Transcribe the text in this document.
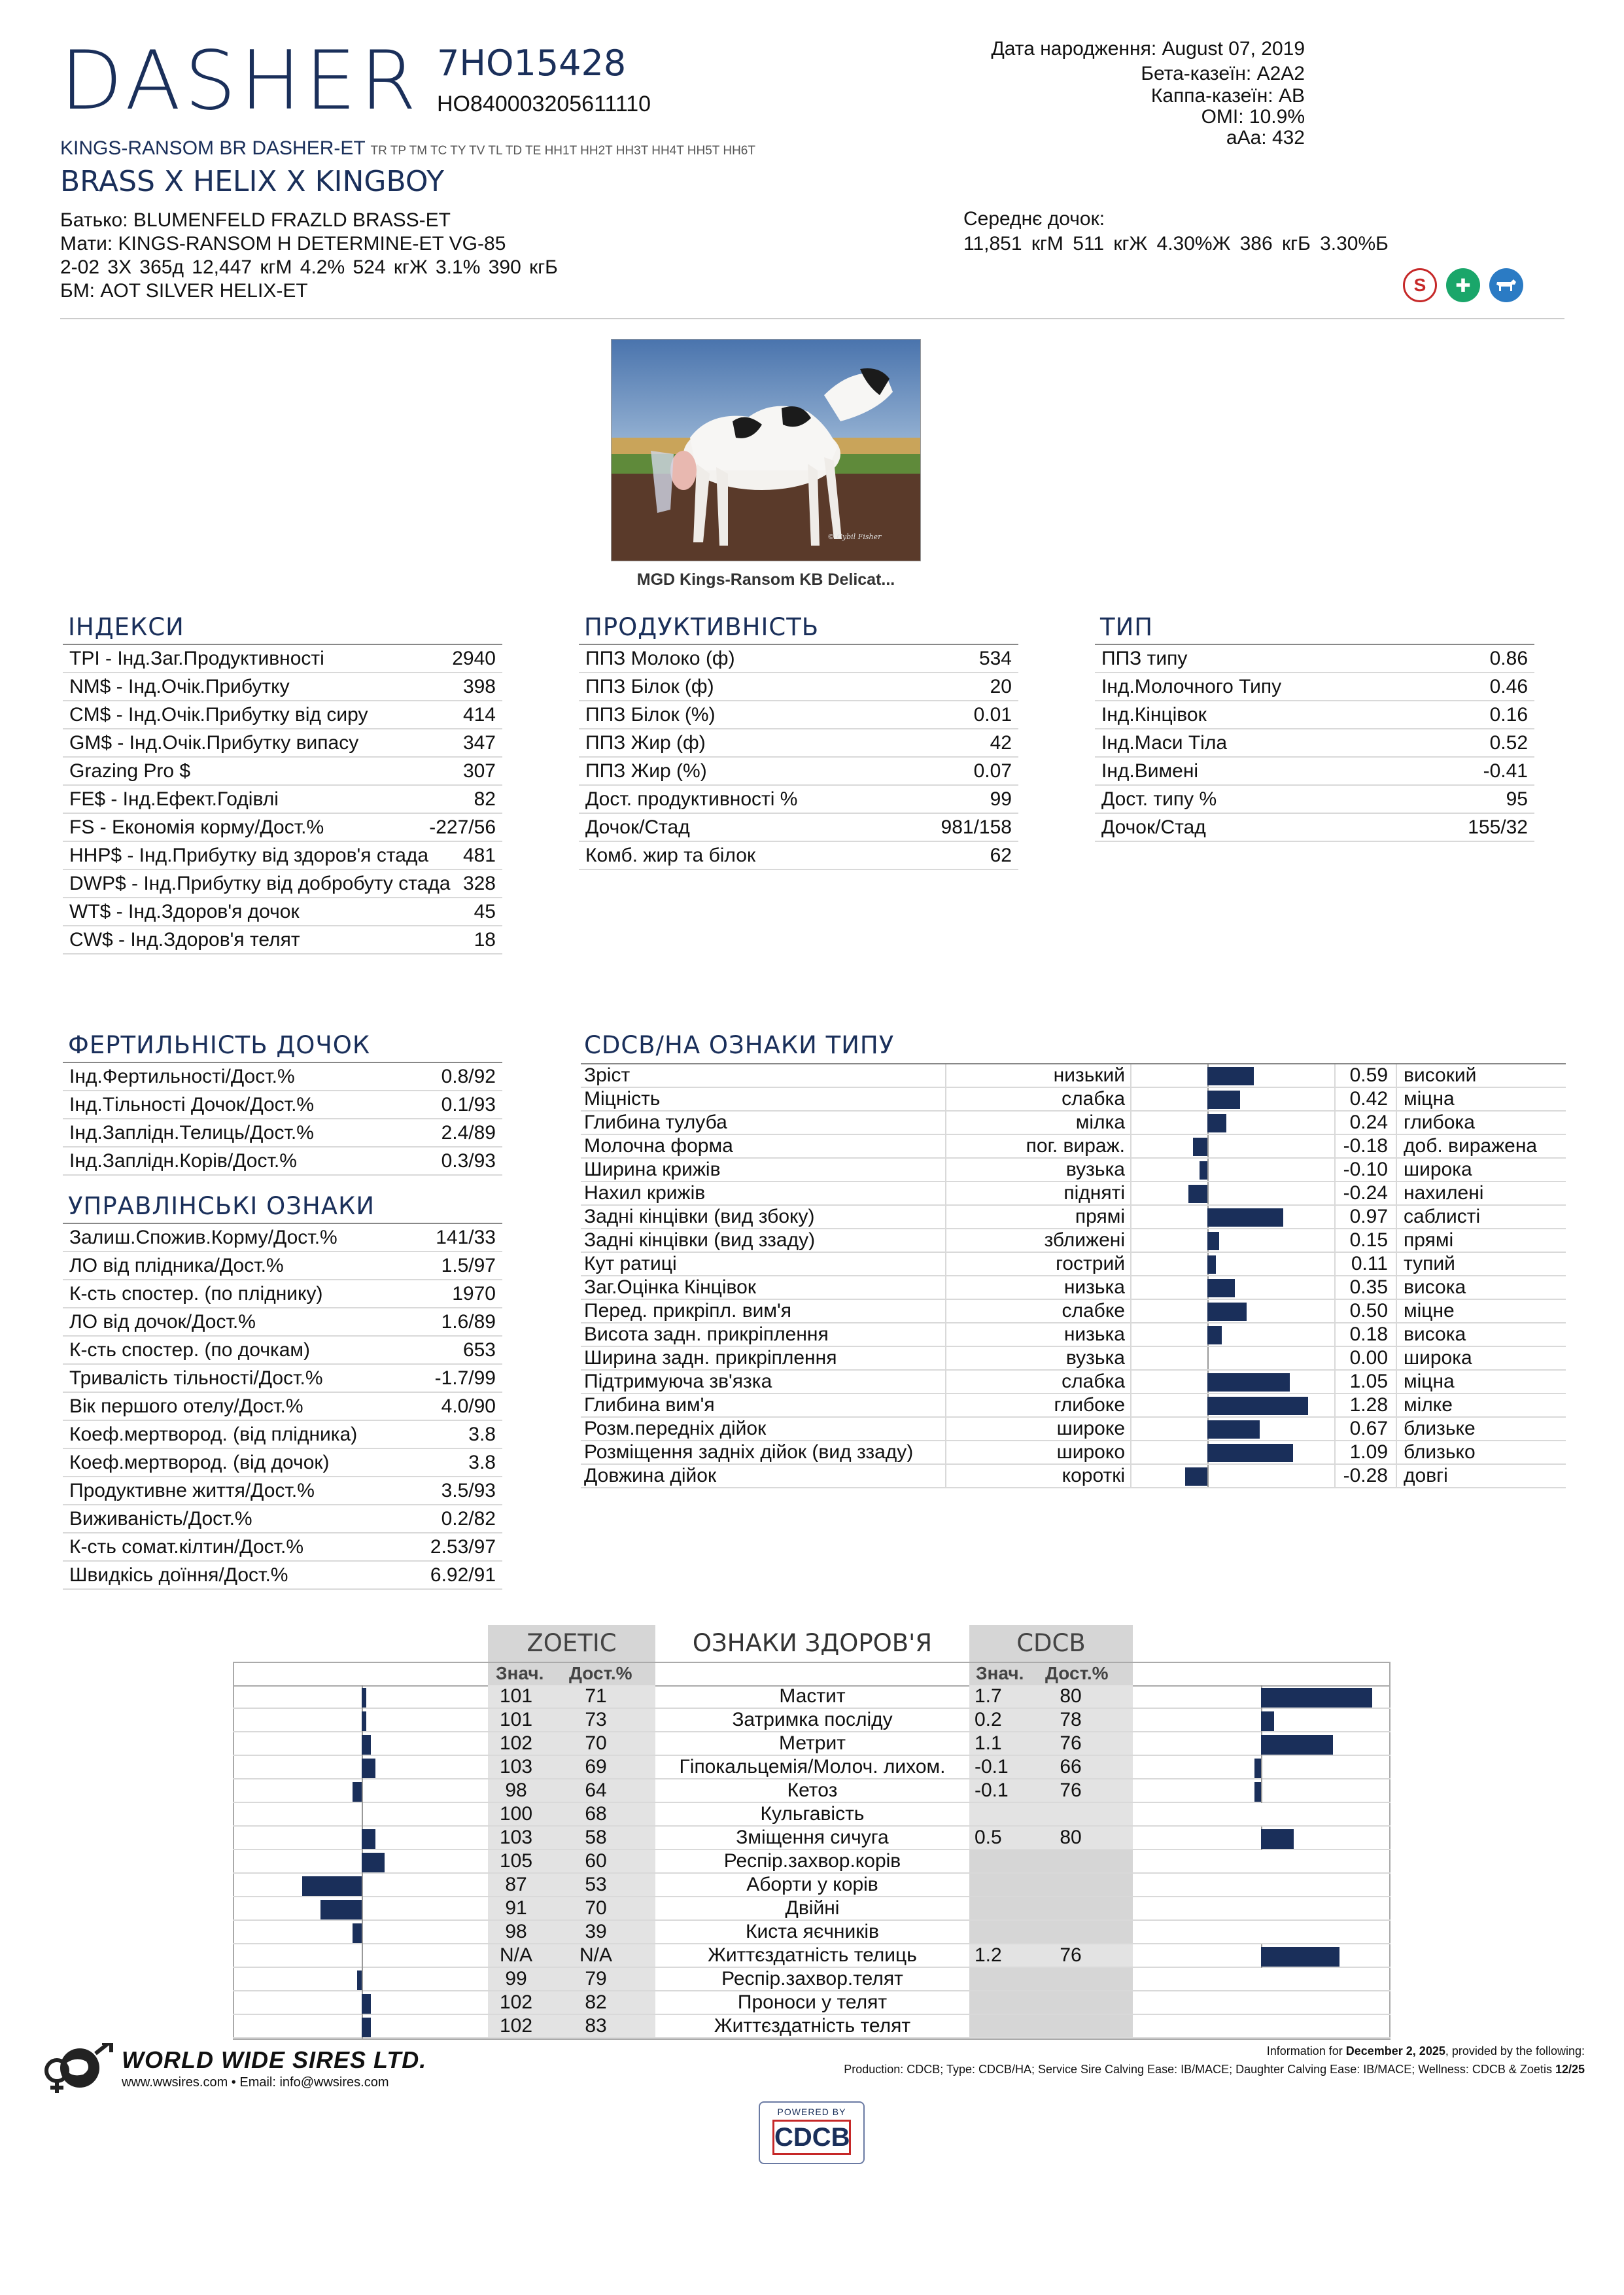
DASHER 7HO15428
HO840003205611110
KINGS-RANSOM BR DASHER-ET TR TP TM TC TY TV TL TD TE HH1T HH2T HH3T HH4T HH5T HH6T
BRASS X HELIX X KINGBOY
Батько: BLUMENFELD FRAZLD BRASS-ET
Мати: KINGS-RANSOM H DETERMINE-ET VG-85
2-02 3X 365д 12,447 кгМ 4.2% 524 кгЖ 3.1% 390 кгБ
БМ: AOT SILVER HELIX-ET
Дата народження: August 07, 2019
Бета-казеїн: A2A2
Каппа-казеїн: AB
OMI: 10.9%
aAa: 432
Середнє дочок:
11,851 кгМ 511 кгЖ 4.30%Ж 386 кгБ 3.30%Б
S	✚
© Cybil Fisher
MGD Kings-Ransom KB Delicat...
ІНДЕКСИ
TPI - Інд.Заг.Продуктивності	2940
NM$ - Інд.Очік.Прибутку	398
CM$ - Інд.Очік.Прибутку від сиру	414
GM$ - Інд.Очік.Прибутку випасу	347
Grazing Pro $	307
FE$ - Інд.Ефект.Годівлі	82
FS - Економія корму/Дост.%	-227/56
HHP$ - Інд.Прибутку від здоров'я стада	481
DWP$ - Інд.Прибутку від добробуту стада 328
WT$ - Інд.Здоров'я дочок	45
CW$ - Інд.Здоров'я телят	18
ПРОДУКТИВНІСТЬ
ППЗ Молоко (ф)	534
ППЗ Білок (ф)	20
ППЗ Білок (%)	0.01
ППЗ Жир (ф)	42
ППЗ Жир (%)	0.07
Дост. продуктивності %	99
Дочок/Стад	981/158
Комб. жир та білок	62
ТИП
ППЗ типу	0.86
Інд.Молочного Типу	0.46
Інд.Кінцівок	0.16
Інд.Маси Тіла	0.52
Інд.Вимені	-0.41
Дост. типу %	95
Дочок/Стад	155/32
ФЕРТИЛЬНІСТЬ ДОЧОК
Інд.Фертильності/Дост.%	0.8/92
Інд.Тільності Дочок/Дост.%	0.1/93
Інд.Заплідн.Телиць/Дост.%	2.4/89
Інд.Заплідн.Корів/Дост.%	0.3/93
УПРАВЛІНСЬКІ ОЗНАКИ
Залиш.Спожив.Корму/Дост.%	141/33
ЛО від плідника/Дост.%	1.5/97
К-сть спостер. (по пліднику)	1970
ЛО від дочок/Дост.%	1.6/89
К-сть спостер. (по дочкам)	653
Тривалість тільності/Дост.%	-1.7/99
Вік першого отелу/Дост.%	4.0/90
Коеф.мертвород. (від плідника)	3.8
Коеф.мертвород. (від дочок)	3.8
Продуктивне життя/Дост.%	3.5/93
Виживаність/Дост.%	0.2/82
К-сть сомат.кілтин/Дост.%	2.53/97
Швидкісь доїння/Дост.%	6.92/91
CDCB/НА ОЗНАКИ ТИПУ
Зріст	низький	0.59 високий
Міцність	слабка	0.42 міцна
Глибина тулуба	мілка	0.24 глибока
Молочна форма	пог. вираж.	-0.18 доб. виражена
Ширина крижів	вузька	-0.10 широка
Нахил крижів	підняті	-0.24 нахилені
Задні кінцівки (вид збоку)	прямі	0.97 саблисті
Задні кінцівки (вид ззаду)	зближені	0.15 прямі
Кут ратиці	гострий	0.11 тупий
Заг.Оцінка Кінцівок	низька	0.35 висока
Перед. прикріпл. вим'я	слабке	0.50 міцне
Висота задн. прикріплення	низька	0.18 висока
Ширина задн. прикріплення	вузька	0.00 широка
Підтримуюча зв'язка	слабка	1.05 міцна
Глибина вим'я	глибоке	1.28 мілке
Розм.передніх дійок	широке	0.67 близьке
Розміщення задніх дійок (вид ззаду)	широко	1.09 близько
Довжина дійок	короткі	-0.28 довгі
ZOETIC	ОЗНАКИ ЗДОРОВ'Я	CDCB
Знач. Дост.%	Знач. Дост.%
101	71	Мастит	1.7	80
101	73	Затримка посліду	0.2	78
102	70	Метрит	1.1	76
103	69	Гіпокальцемія/Молоч. лихом.	-0.1	66
98	64	Кетоз	-0.1	76
100	68	Кульгавість
103	58	Зміщення сичуга	0.5	80
105	60	Респір.захвор.корів
87	53	Аборти у корів
91	70	Двійні
98	39	Киста яєчників
N/A	N/A	Життєздатність телиць	1.2	76
99	79	Респір.захвор.телят
102	82	Проноси у телят
102	83	Життєздатність телят
WORLD WIDE SIRES LTD.
www.wwsires.com • Email: info@wwsires.com
Information for December 2, 2025, provided by the following:
Production: CDCB; Type: CDCB/HA; Service Sire Calving Ease: IB/MACE; Daughter Calving Ease: IB/MACE; Wellness: CDCB & Zoetis 12/25
POWERED BY
CDCB
